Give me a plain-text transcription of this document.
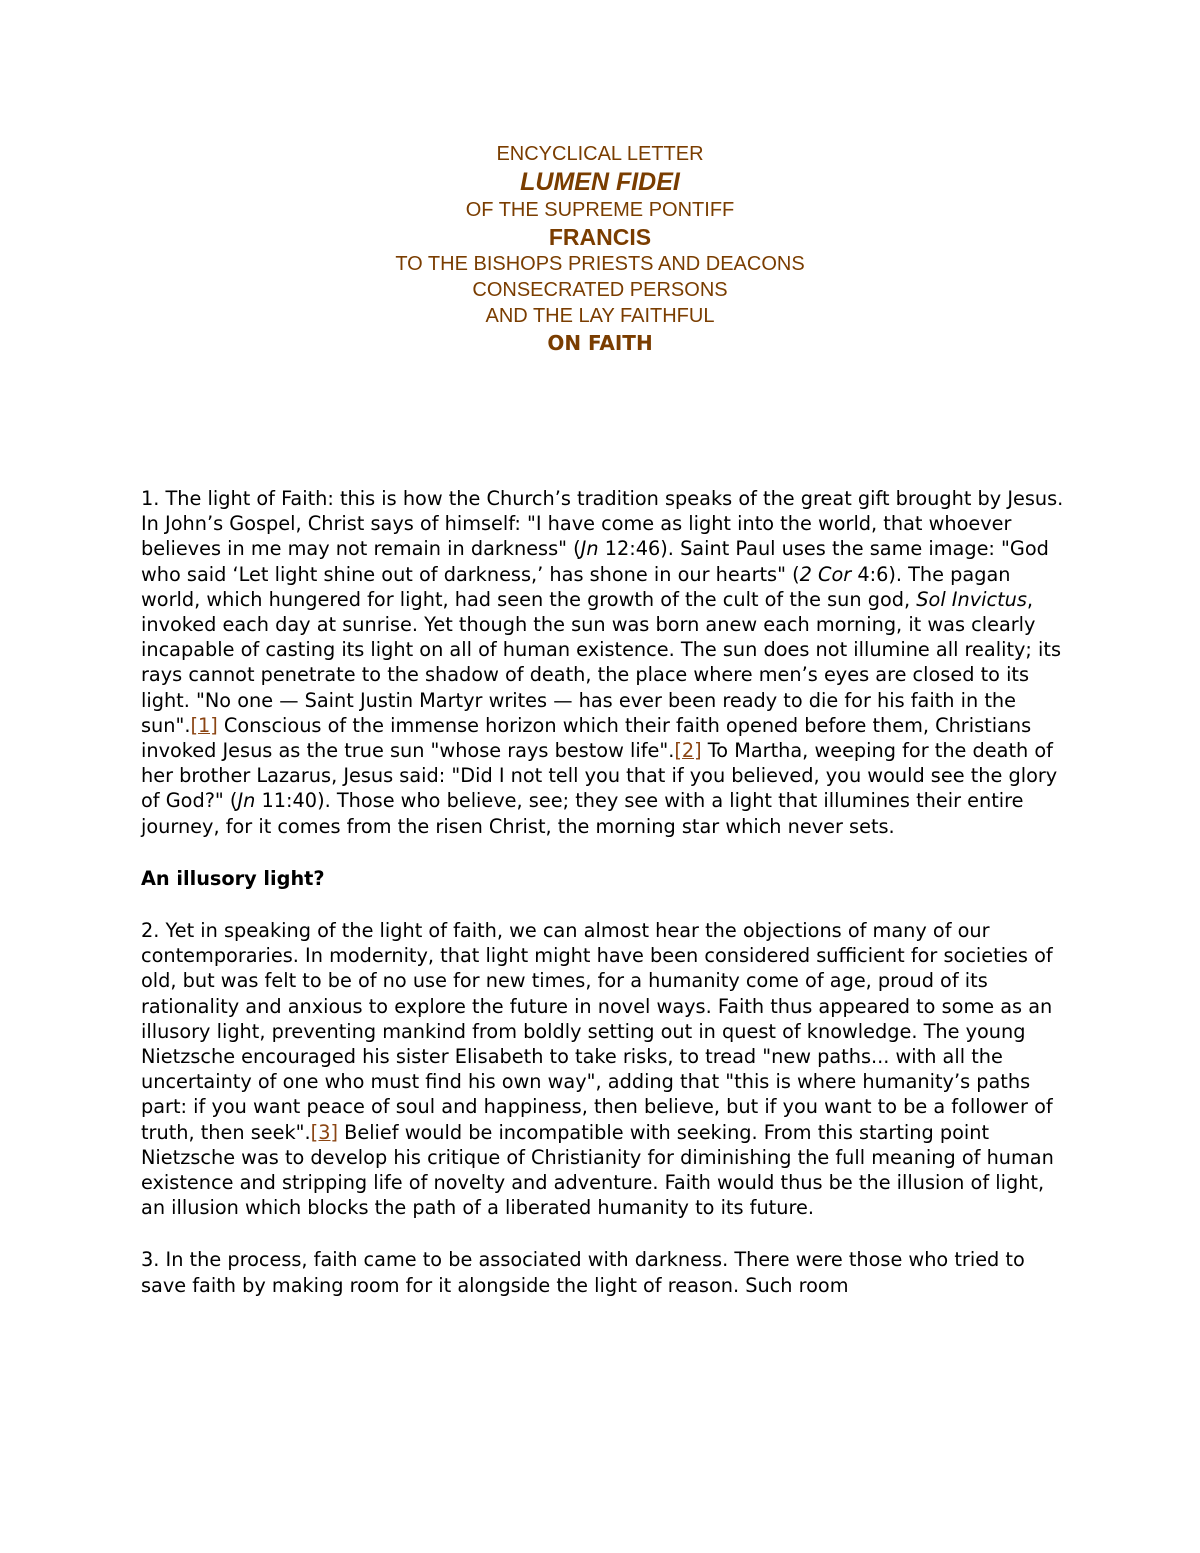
ENCYCLICAL LETTER
LUMEN FIDEI
OF THE SUPREME PONTIFF
FRANCIS
TO THE BISHOPS PRIESTS AND DEACONS
CONSECRATED PERSONS
AND THE LAY FAITHFUL
ON FAITH

1. The light of Faith: this is how the Church’s tradition speaks of the great gift brought by Jesus. In John’s Gospel, Christ says of himself: "I have come as light into the world, that whoever believes in me may not remain in darkness" (Jn 12:46). Saint Paul uses the same image: "God who said ‘Let light shine out of darkness,’ has shone in our hearts" (2 Cor 4:6). The pagan world, which hungered for light, had seen the growth of the cult of the sun god, Sol Invictus, invoked each day at sunrise. Yet though the sun was born anew each morning, it was clearly incapable of casting its light on all of human existence. The sun does not illumine all reality; its rays cannot penetrate to the shadow of death, the place where men’s eyes are closed to its light. "No one — Saint Justin Martyr writes — has ever been ready to die for his faith in the sun".[1] Conscious of the immense horizon which their faith opened before them, Christians invoked Jesus as the true sun "whose rays bestow life".[2] To Martha, weeping for the death of her brother Lazarus, Jesus said: "Did I not tell you that if you believed, you would see the glory of God?" (Jn 11:40). Those who believe, see; they see with a light that illumines their entire journey, for it comes from the risen Christ, the morning star which never sets.

An illusory light?

2. Yet in speaking of the light of faith, we can almost hear the objections of many of our contemporaries. In modernity, that light might have been considered sufficient for societies of old, but was felt to be of no use for new times, for a humanity come of age, proud of its rationality and anxious to explore the future in novel ways. Faith thus appeared to some as an illusory light, preventing mankind from boldly setting out in quest of knowledge. The young Nietzsche encouraged his sister Elisabeth to take risks, to tread "new paths... with all the uncertainty of one who must find his own way", adding that "this is where humanity’s paths part: if you want peace of soul and happiness, then believe, but if you want to be a follower of truth, then seek".[3] Belief would be incompatible with seeking. From this starting point Nietzsche was to develop his critique of Christianity for diminishing the full meaning of human existence and stripping life of novelty and adventure. Faith would thus be the illusion of light, an illusion which blocks the path of a liberated humanity to its future.

3. In the process, faith came to be associated with darkness. There were those who tried to save faith by making room for it alongside the light of reason. Such room
